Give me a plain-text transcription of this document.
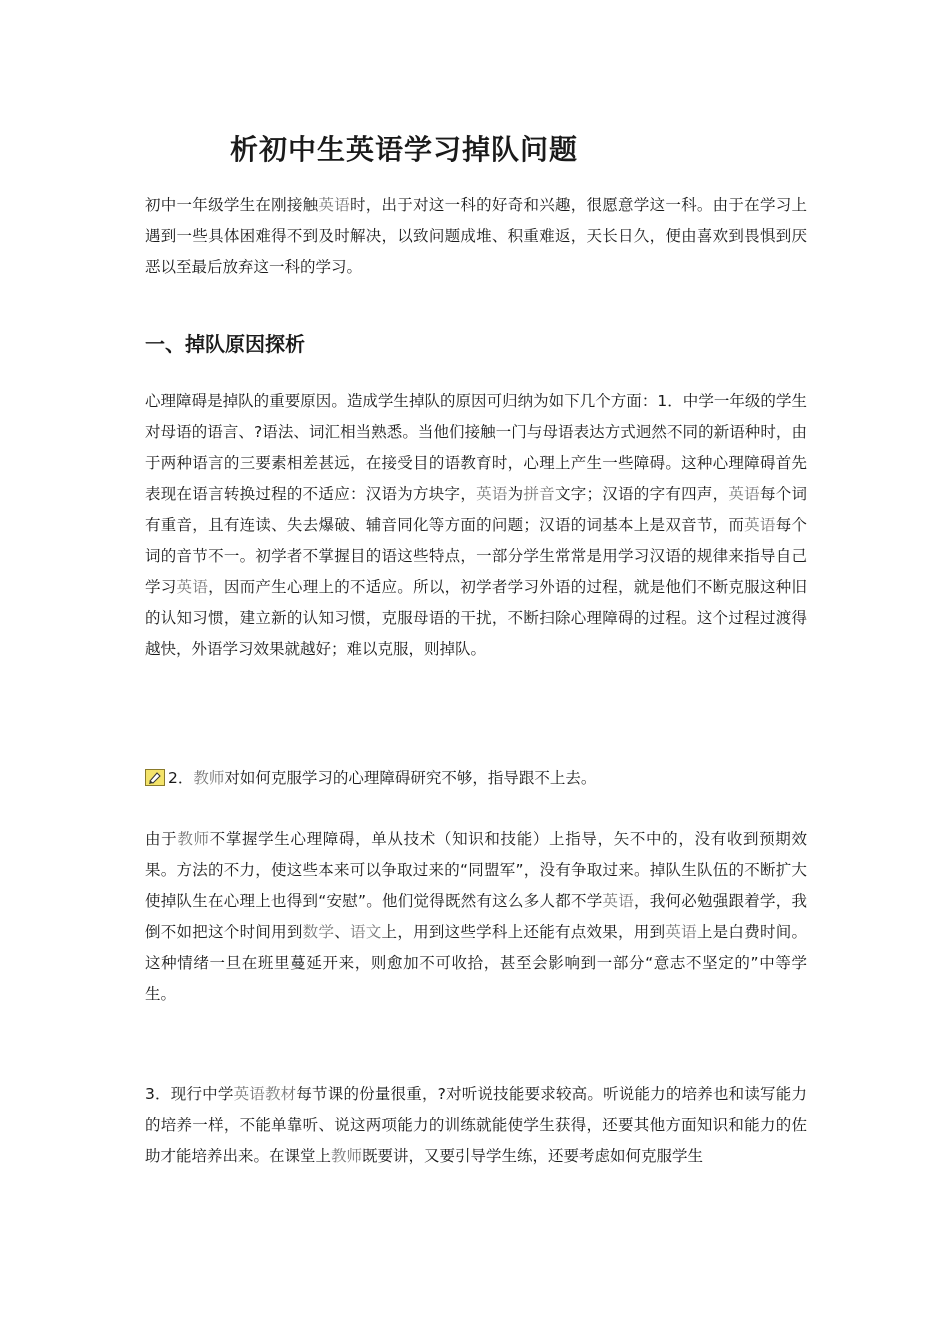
析初中生英语学习掉队问题

初中一年级学生在刚接触英语时，出于对这一科的好奇和兴趣，很愿意学这一科。由于在学习上遇到一些具体困难得不到及时解决，以致问题成堆、积重难返，天长日久，便由喜欢到畏惧到厌恶以至最后放弃这一科的学习。

一、掉队原因探析

心理障碍是掉队的重要原因。造成学生掉队的原因可归纳为如下几个方面：1．中学一年级的学生对母语的语言、?语法、词汇相当熟悉。当他们接触一门与母语表达方式迥然不同的新语种时，由于两种语言的三要素相差甚远，在接受目的语教育时，心理上产生一些障碍。这种心理障碍首先表现在语言转换过程的不适应：汉语为方块字，英语为拼音文字；汉语的字有四声，英语每个词有重音，且有连读、失去爆破、辅音同化等方面的问题；汉语的词基本上是双音节，而英语每个词的音节不一。初学者不掌握目的语这些特点，一部分学生常常是用学习汉语的规律来指导自己学习英语，因而产生心理上的不适应。所以，初学者学习外语的过程，就是他们不断克服这种旧的认知习惯，建立新的认知习惯，克服母语的干扰，不断扫除心理障碍的过程。这个过程过渡得越快，外语学习效果就越好；难以克服，则掉队。

2．教师对如何克服学习的心理障碍研究不够，指导跟不上去。

由于教师不掌握学生心理障碍，单从技术（知识和技能）上指导，矢不中的，没有收到预期效果。方法的不力，使这些本来可以争取过来的“同盟军”，没有争取过来。掉队生队伍的不断扩大使掉队生在心理上也得到“安慰”。他们觉得既然有这么多人都不学英语，我何必勉强跟着学，我倒不如把这个时间用到数学、语文上，用到这些学科上还能有点效果，用到英语上是白费时间。这种情绪一旦在班里蔓延开来，则愈加不可收拾，甚至会影响到一部分“意志不坚定的”中等学生。

3．现行中学英语教材每节课的份量很重，?对听说技能要求较高。听说能力的培养也和读写能力的培养一样，不能单靠听、说这两项能力的训练就能使学生获得，还要其他方面知识和能力的佐助才能培养出来。在课堂上教师既要讲，又要引导学生练，还要考虑如何克服学生
